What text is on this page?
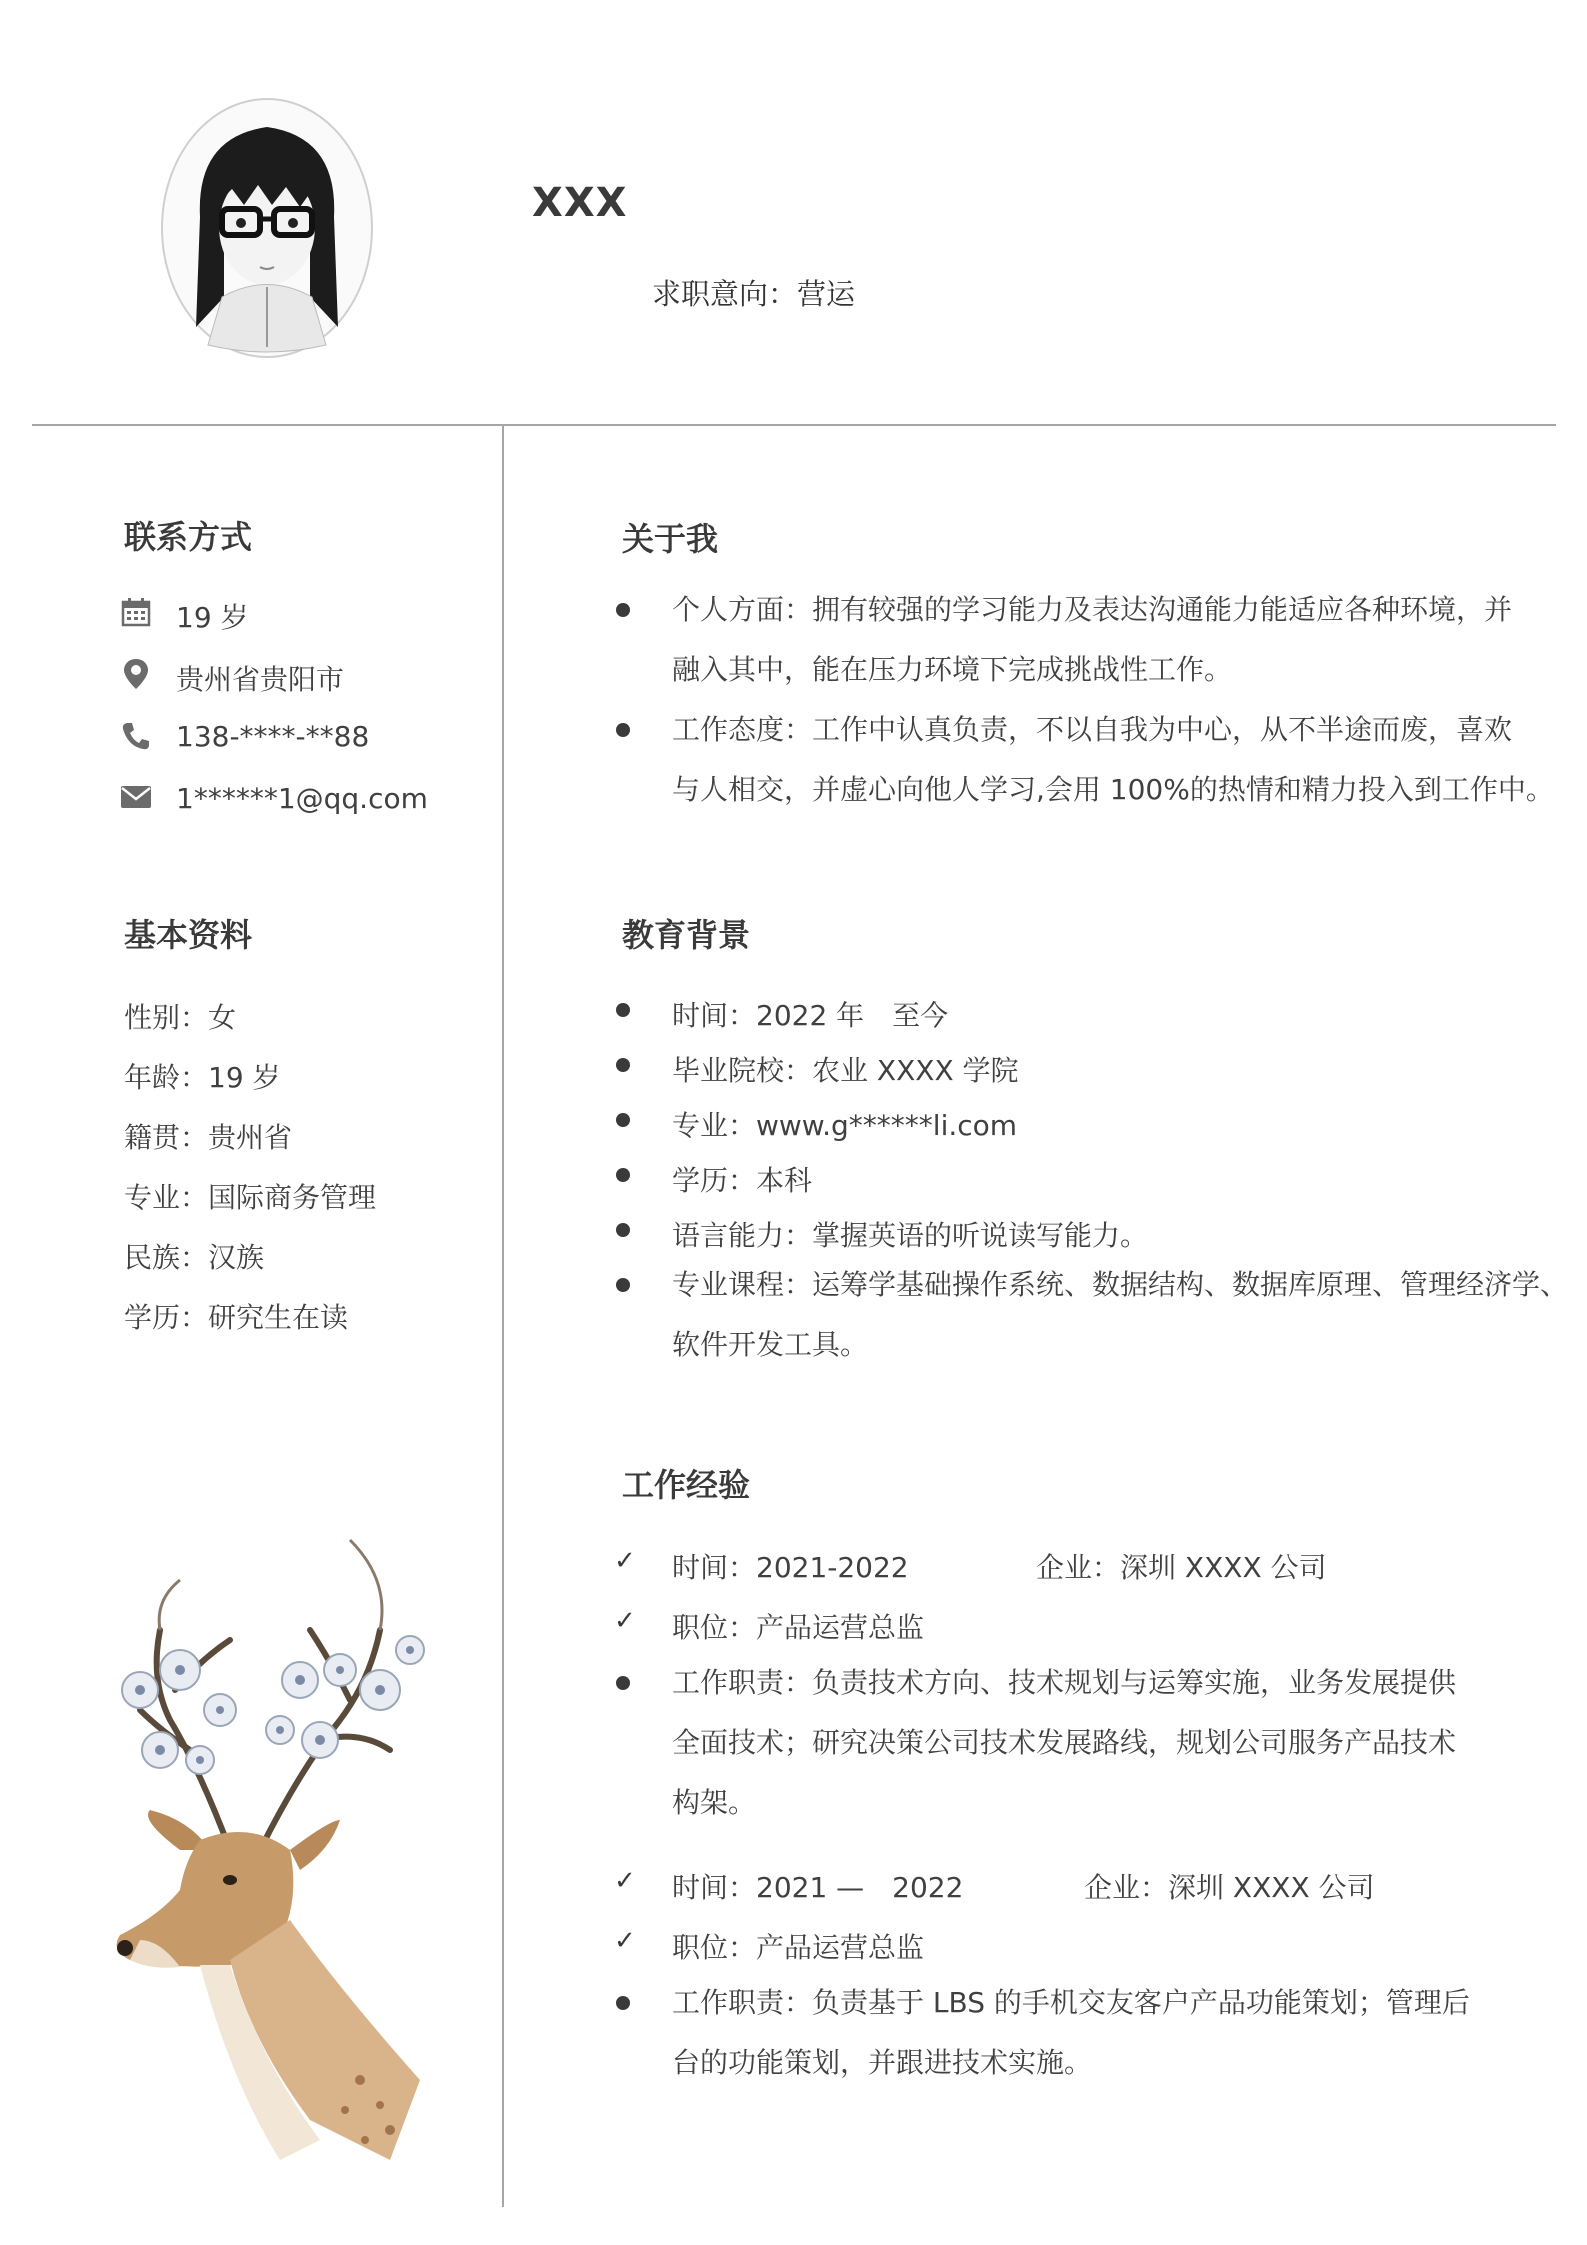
XXX
求职意向：营运
联系方式
19 岁
贵州省贵阳市
138-****-**88
1******1@qq.com
基本资料
性别：女
年龄：19 岁
籍贯：贵州省
专业：国际商务管理
民族：汉族
学历：研究生在读
关于我
个人方面：拥有较强的学习能力及表达沟通能力能适应各种环境，并
融入其中，能在压力环境下完成挑战性工作。
工作态度：工作中认真负责，不以自我为中心，从不半途而废，喜欢
与人相交，并虚心向他人学习,会用 100%的热情和精力投入到工作中。
教育背景
时间：2022 年　至今
毕业院校：农业 XXXX 学院
专业：www.g******li.com
学历：本科
语言能力：掌握英语的听说读写能力。
专业课程：运筹学基础操作系统、数据结构、数据库原理、管理经济学、
软件开发工具。
工作经验
✓ 时间：2021-2022	企业：深圳 XXXX 公司
✓ 职位：产品运营总监
工作职责：负责技术方向、技术规划与运筹实施，业务发展提供
全面技术；研究决策公司技术发展路线，规划公司服务产品技术
构架。
✓ 时间：2021 —　2022	企业：深圳 XXXX 公司
✓ 职位：产品运营总监
工作职责：负责基于 LBS 的手机交友客户产品功能策划；管理后
台的功能策划，并跟进技术实施。
